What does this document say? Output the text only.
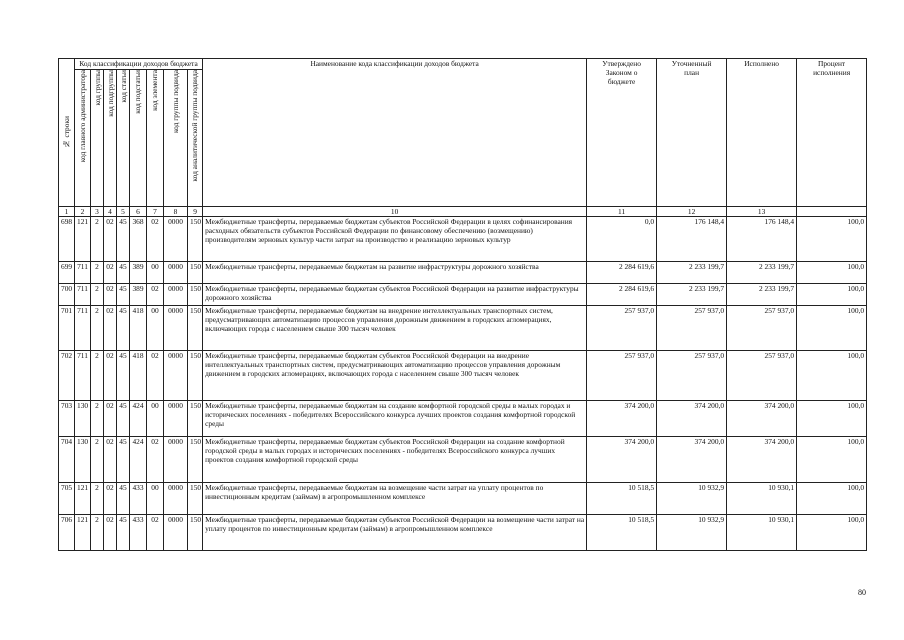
№ строки	Код классификации доходов бюджета								Наименование кода классификации доходов бюджета	Утверждено Законом о бюджете	Уточненный план	Исполнено	Процент исполнения

	код главного администратора	код группы	код подгруппы	код статьи	код подстатьи	код элемента	код группы подвида	код аналитической группы подвида					

1	2	3	4	5	6	7	8	9	10	11	12	13	
698	121	2	02	45	368	02	0000	150	Межбюджетные трансферты, передаваемые бюджетам субъектов Российской Федерации в целях софинансирования расходных обязательств субъектов Российской Федерации по финансовому обеспечению (возмещению) производителям зерновых культур части затрат на производство и реализацию зерновых культур	0,0	176 148,4	176 148,4	100,0
699	711	2	02	45	389	00	0000	150	Межбюджетные трансферты, передаваемые бюджетам на развитие инфраструктуры дорожного хозяйства	2 284 619,6	2 233 199,7	2 233 199,7	100,0
700	711	2	02	45	389	02	0000	150	Межбюджетные трансферты, передаваемые бюджетам субъектов Российской Федерации на развитие инфраструктуры дорожного хозяйства	2 284 619,6	2 233 199,7	2 233 199,7	100,0
701	711	2	02	45	418	00	0000	150	Межбюджетные трансферты, передаваемые бюджетам на внедрение интеллектуальных транспортных систем, предусматривающих автоматизацию процессов управления дорожным движением в городских агломерациях, включающих города с населением свыше 300 тысяч человек	257 937,0	257 937,0	257 937,0	100,0
702	711	2	02	45	418	02	0000	150	Межбюджетные трансферты, передаваемые бюджетам субъектов Российской Федерации на внедрение интеллектуальных транспортных систем, предусматривающих автоматизацию процессов управления дорожным движением в городских агломерациях, включающих города с населением свыше 300 тысяч человек	257 937,0	257 937,0	257 937,0	100,0
703	130	2	02	45	424	00	0000	150	Межбюджетные трансферты, передаваемые бюджетам на создание комфортной городской среды в малых городах и исторических поселениях - победителях Всероссийского конкурса лучших проектов создания комфортной городской среды	374 200,0	374 200,0	374 200,0	100,0
704	130	2	02	45	424	02	0000	150	Межбюджетные трансферты, передаваемые бюджетам субъектов Российской Федерации на создание комфортной городской среды в малых городах и исторических поселениях - победителях Всероссийского конкурса лучших проектов создания комфортной городской среды	374 200,0	374 200,0	374 200,0	100,0
705	121	2	02	45	433	00	0000	150	Межбюджетные трансферты, передаваемые бюджетам на возмещение части затрат на уплату процентов по инвестиционным кредитам (займам) в агропромышленном комплексе	10 518,5	10 932,9	10 930,1	100,0
706	121	2	02	45	433	02	0000	150	Межбюджетные трансферты, передаваемые бюджетам субъектов Российской Федерации на возмещение части затрат на уплату процентов по инвестиционным кредитам (займам) в агропромышленном комплексе	10 518,5	10 932,9	10 930,1	100,0
80
